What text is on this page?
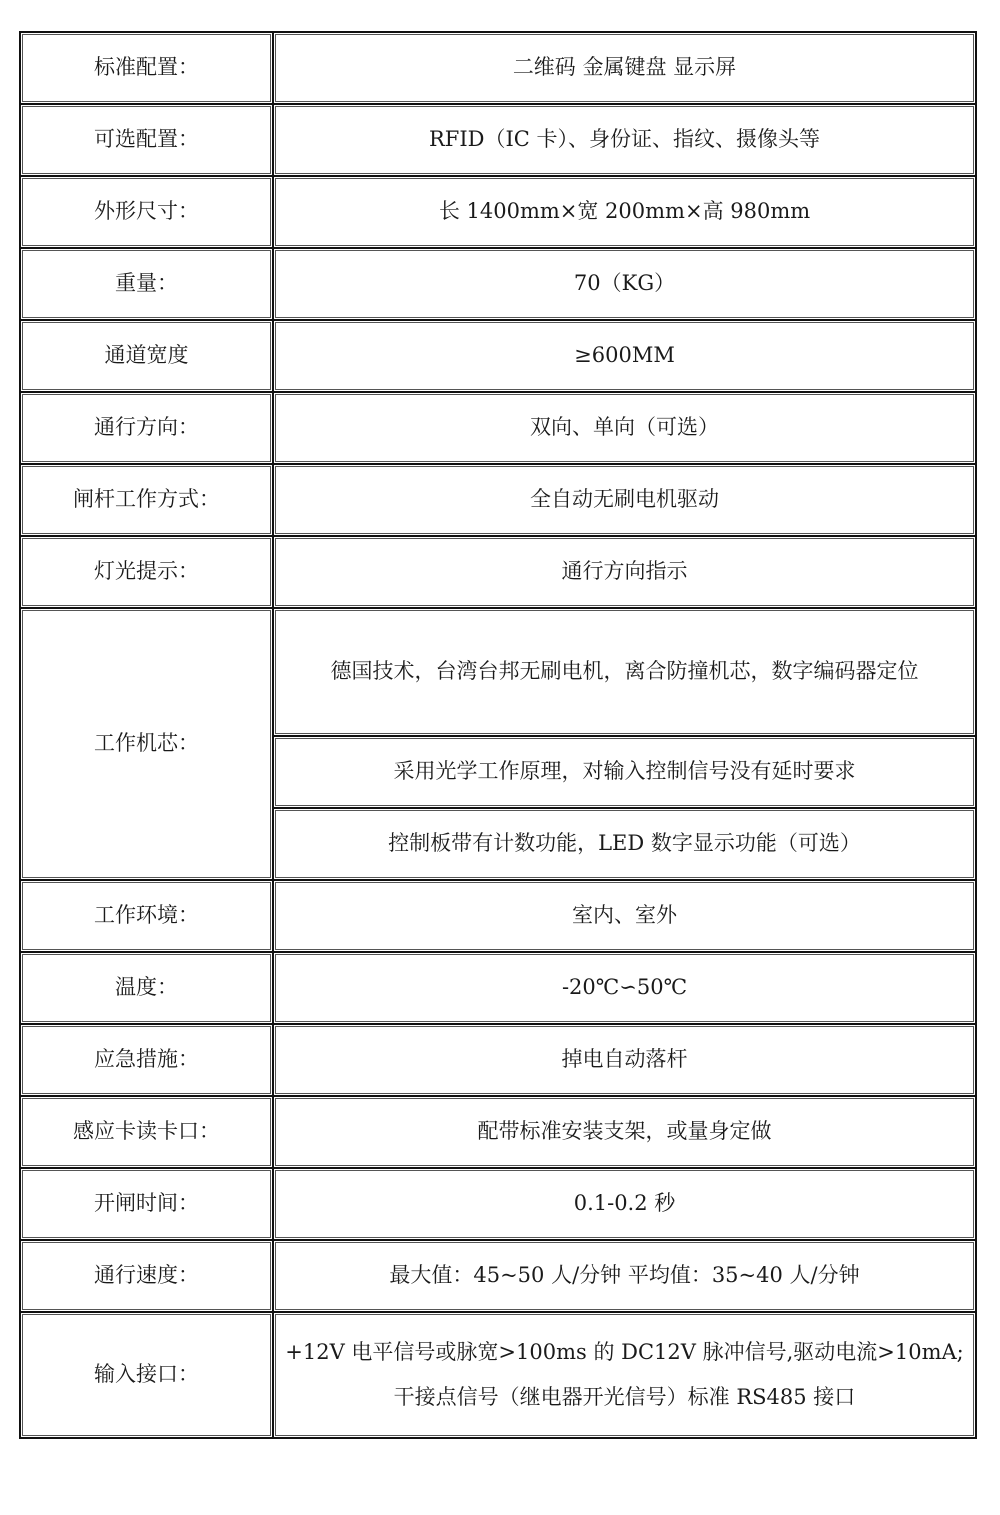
标准配置：	二维码 金属键盘 显示屏
可选配置：	RFID（IC 卡）、身份证、指纹、摄像头等
外形尺寸：	长 1400mm×宽 200mm×高 980mm
重量：	70（KG）
通道宽度	≥600MM
通行方向：	双向、单向（可选）
闸杆工作方式：	全自动无刷电机驱动
灯光提示：	通行方向指示
工作机芯：	德国技术，台湾台邦无刷电机，离合防撞机芯，数字编码器定位
	采用光学工作原理，对输入控制信号没有延时要求
	控制板带有计数功能，LED 数字显示功能（可选）
工作环境：	室内、室外
温度：	-20℃∽50℃
应急措施：	掉电自动落杆
感应卡读卡口：	配带标准安装支架，或量身定做
开闸时间：	0.1-0.2 秒
通行速度：	最大值：45~50 人/分钟 平均值：35~40 人/分钟
输入接口：	+12V 电平信号或脉宽>100ms 的 DC12V 脉冲信号,驱动电流>10mA;
干接点信号（继电器开光信号）标准 RS485 接口
